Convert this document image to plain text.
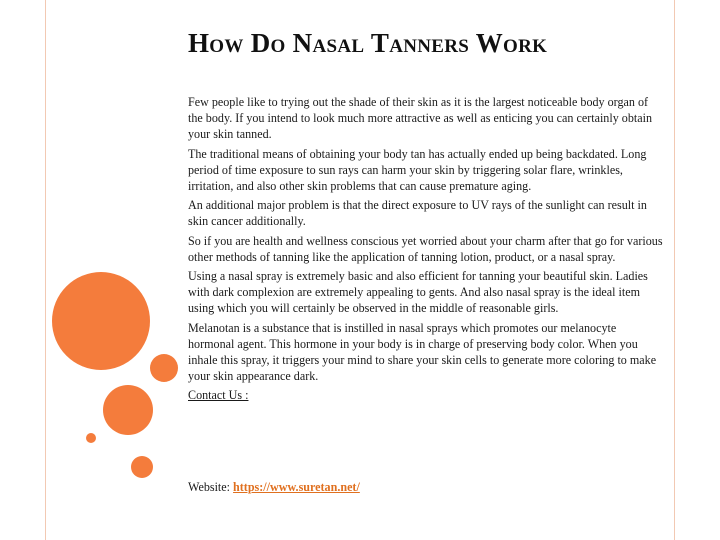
How Do Nasal Tanners Work

Few people like to trying out the shade of their skin as it is the largest noticeable body organ of the body. If you intend to look much more attractive as well as enticing you can certainly obtain your skin tanned.

The traditional means of obtaining your body tan has actually ended up being backdated. Long period of time exposure to sun rays can harm your skin by triggering solar flare, wrinkles, irritation, and also other skin problems that can cause premature aging.

An additional major problem is that the direct exposure to UV rays of the sunlight can result in skin cancer additionally.

So if you are health and wellness conscious yet worried about your charm after that go for various other methods of tanning like the application of tanning lotion, product, or a nasal spray.

Using a nasal spray is extremely basic and also efficient for tanning your beautiful skin. Ladies with dark complexion are extremely appealing to gents. And also nasal spray is the ideal item using which you will certainly be observed in the middle of reasonable girls.

Melanotan is a substance that is instilled in nasal sprays which promotes our melanocyte hormonal agent. This hormone in your body is in charge of preserving body color. When you inhale this spray, it triggers your mind to share your skin cells to generate more coloring to make your skin appearance dark.

Contact Us :

Website: https://www.suretan.net/
